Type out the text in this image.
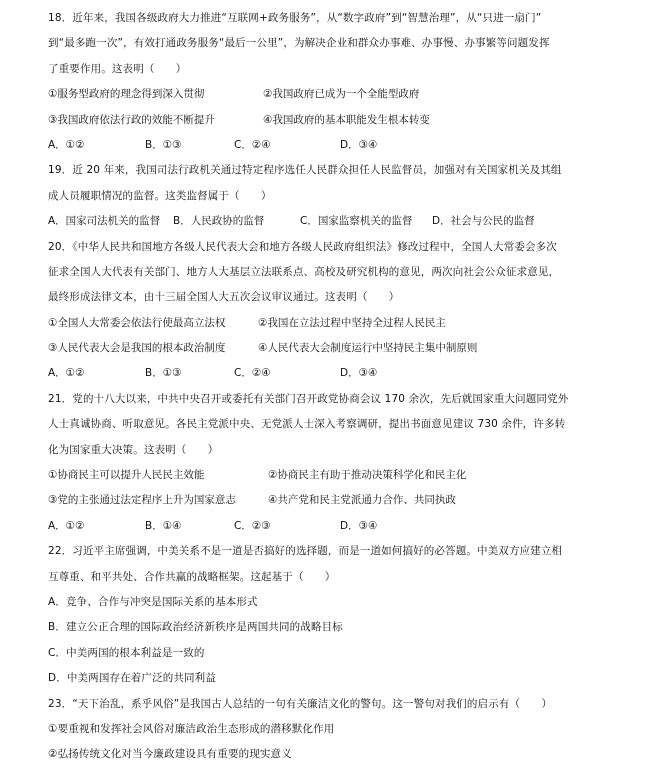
18．近年来，我国各级政府大力推进“互联网+政务服务”，从“数字政府”到“智慧治理”，从“只进一扇门”
到“最多跑一次”，有效打通政务服务“最后一公里”，为解决企业和群众办事难、办事慢、办事繁等问题发挥
了重要作用。这表明（　　）
①服务型政府的理念得到深入贯彻	②我国政府已成为一个全能型政府
③我国政府依法行政的效能不断提升	④我国政府的基本职能发生根本转变
A．①②	B．①③	C．②④	D．③④
19．近 20 年来，我国司法行政机关通过特定程序选任人民群众担任人民监督员，加强对有关国家机关及其组
成人员履职情况的监督。这类监督属于（　　）
A．国家司法机关的监督	B．人民政协的监督	C．国家监察机关的监督	D．社会与公民的监督
20．《中华人民共和国地方各级人民代表大会和地方各级人民政府组织法》修改过程中，全国人大常委会多次
征求全国人大代表有关部门、地方人大基层立法联系点、高校及研究机构的意见，两次向社会公众征求意见，
最终形成法律文本，由十三届全国人大五次会议审议通过。这表明（　　）
①全国人大常委会依法行使最高立法权	②我国在立法过程中坚持全过程人民民主
③人民代表大会是我国的根本政治制度	④人民代表大会制度运行中坚持民主集中制原则
A．①②	B．①③	C．②④	D．③④
21．党的十八大以来，中共中央召开或委托有关部门召开政党协商会议 170 余次，先后就国家重大问题同党外
人士真诚协商、听取意见。各民主党派中央、无党派人士深入考察调研，提出书面意见建议 730 余件，许多转
化为国家重大决策。这表明（　　）
①协商民主可以提升人民民主效能	②协商民主有助于推动决策科学化和民主化
③党的主张通过法定程序上升为国家意志	④共产党和民主党派通力合作、共同执政
A．①②	B．①④	C．②③	D．③④
22．习近平主席强调，中美关系不是一道是否搞好的选择题，而是一道如何搞好的必答题。中美双方应建立相
互尊重、和平共处、合作共赢的战略框架。这起基于（　　）
A．竞争、合作与冲突是国际关系的基本形式
B．建立公正合理的国际政治经济新秩序是两国共同的战略目标
C．中美两国的根本利益是一致的
D．中美两国存在着广泛的共同利益
23．“天下治乱，系乎风俗”是我国古人总结的一句有关廉洁文化的警句。这一警句对我们的启示有（　　）
①要重视和发挥社会风俗对廉洁政治生态形成的潜移默化作用
②弘扬传统文化对当今廉政建设具有重要的现实意义
